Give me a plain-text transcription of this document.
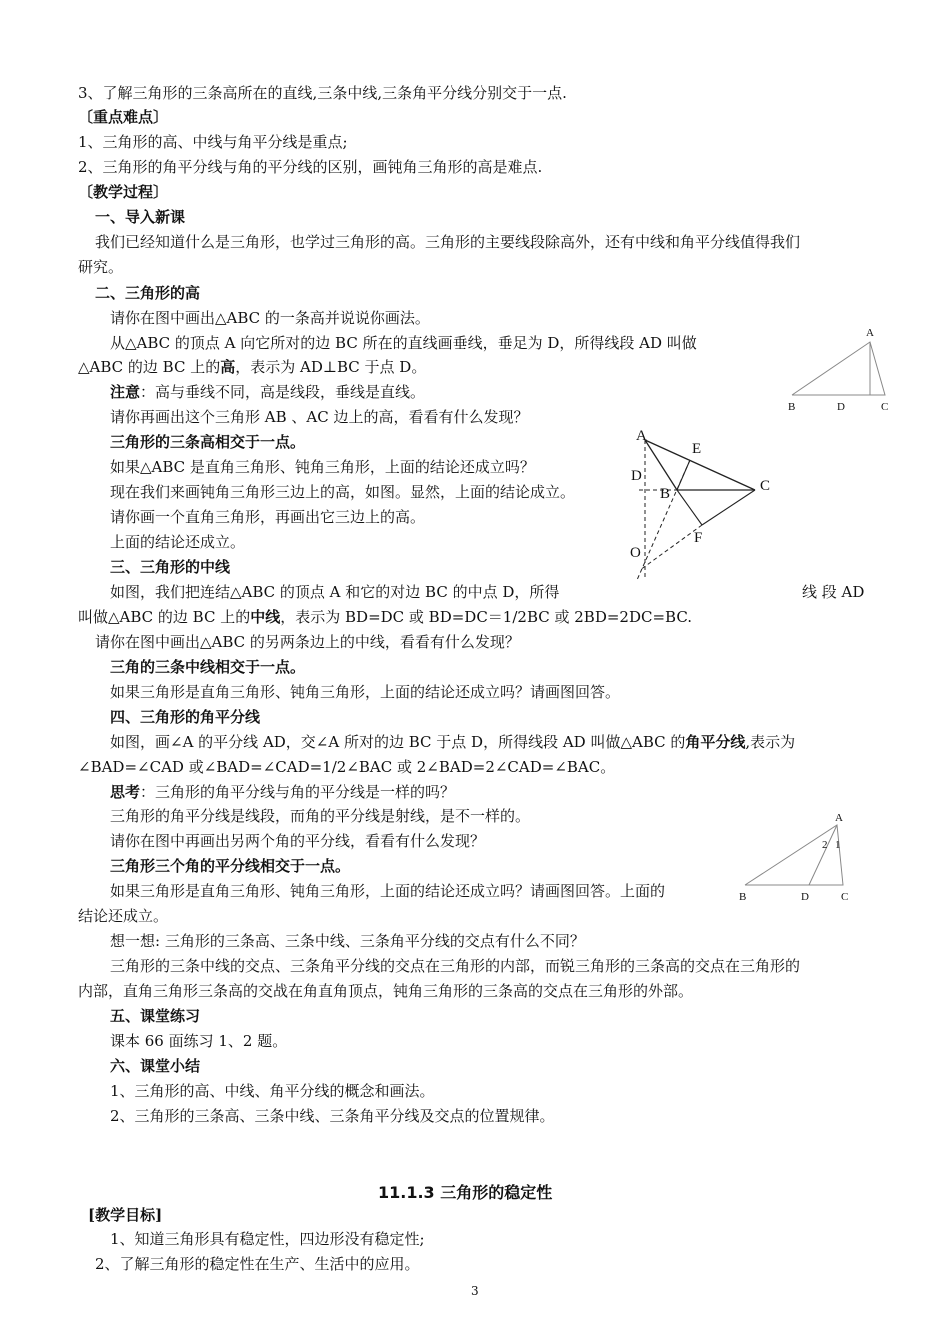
3、了解三角形的三条高所在的直线,三条中线,三条角平分线分别交于一点.
〔重点难点〕
1、三角形的高、中线与角平分线是重点;
2、三角形的角平分线与角的平分线的区别，画钝角三角形的高是难点.
〔教学过程〕
一、导入新课
我们已经知道什么是三角形，也学过三角形的高。三角形的主要线段除高外，还有中线和角平分线值得我们
研究。
二、三角形的高
请你在图中画出△ABC 的一条高并说说你画法。
从△ABC 的顶点 A 向它所对的边 BC 所在的直线画垂线，垂足为 D，所得线段 AD 叫做
△ABC 的边 BC 上的高，表示为 AD⊥BC 于点 D。
注意：高与垂线不同，高是线段，垂线是直线。
请你再画出这个三角形 AB 、AC 边上的高，看看有什么发现？
三角形的三条高相交于一点。
如果△ABC 是直角三角形、钝角三角形，上面的结论还成立吗？
现在我们来画钝角三角形三边上的高，如图。显然，上面的结论成立。
请你画一个直角三角形，再画出它三边上的高。
上面的结论还成立。
三、三角形的中线
如图，我们把连结△ABC 的顶点 A 和它的对边 BC 的中点 D，所得	线 段 AD
叫做△ABC 的边 BC 上的中线，表示为 BD=DC 或 BD=DC＝1/2BC 或 2BD=2DC=BC.
请你在图中画出△ABC 的另两条边上的中线，看看有什么发现？
三角的三条中线相交于一点。
如果三角形是直角三角形、钝角三角形，上面的结论还成立吗？请画图回答。
四、三角形的角平分线
如图，画∠A 的平分线 AD，交∠A 所对的边 BC 于点 D，所得线段 AD 叫做△ABC 的角平分线,表示为
∠BAD=∠CAD 或∠BAD=∠CAD=1/2∠BAC 或 2∠BAD=2∠CAD=∠BAC。
思考：三角形的角平分线与角的平分线是一样的吗？
三角形的角平分线是线段，而角的平分线是射线，是不一样的。
请你在图中再画出另两个角的平分线，看看有什么发现？
三角形三个角的平分线相交于一点。
如果三角形是直角三角形、钝角三角形，上面的结论还成立吗？请画图回答。上面的
结论还成立。
想一想: 三角形的三条高、三条中线、三条角平分线的交点有什么不同？
三角形的三条中线的交点、三条角平分线的交点在三角形的内部，而锐三角形的三条高的交点在三角形的
内部，直角三角形三条高的交战在角直角顶点，钝角三角形的三条高的交点在三角形的外部。
五、课堂练习
课本 66 面练习 1、2 题。
六、课堂小结
1、三角形的高、中线、角平分线的概念和画法。
2、三角形的三条高、三条中线、三条角平分线及交点的位置规律。
11.1.3 三角形的稳定性
[教学目标]
1、知道三角形具有稳定性，四边形没有稳定性;
2、了解三角形的稳定性在生产、生活中的应用。
A
B	D	C
A
E
D
B	C
F
O
A
2 1
B	D	C
3
